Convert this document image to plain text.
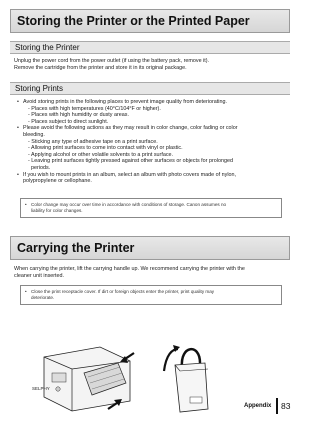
Storing the Printer or the Printed Paper
Storing the Printer
Unplug the power cord from the power outlet (if using the battery pack, remove it).
Remove the cartridge from the printer and store it in its original package.
Storing Prints
• Avoid storing prints in the following places to prevent image quality from deteriorating.
- Places with high temperatures (40°C/104°F or higher).
- Places with high humidity or dusty areas.
- Places subject to direct sunlight.
• Please avoid the following actions as they may result in color change, color fading or color
bleeding.
- Sticking any type of adhesive tape on a print surface.
- Allowing print surfaces to come into contact with vinyl or plastic.
- Applying alcohol or other volatile solvents to a print surface.
- Leaving print surfaces tightly pressed against other surfaces or objects for prolonged
periods.
• If you wish to mount prints in an album, select an album with photo covers made of nylon,
polypropylene or cellophane.
• Color change may occur over time in accordance with conditions of storage. Canon assumes no
liability for color changes.
Carrying the Printer
When carrying the printer, lift the carrying handle up. We recommend carrying the printer with the
cleaner unit inserted.
• Close the print receptacle cover. If dirt or foreign objects enter the printer, print quality may
deteriorate.
SELPHY
Appendix 83
